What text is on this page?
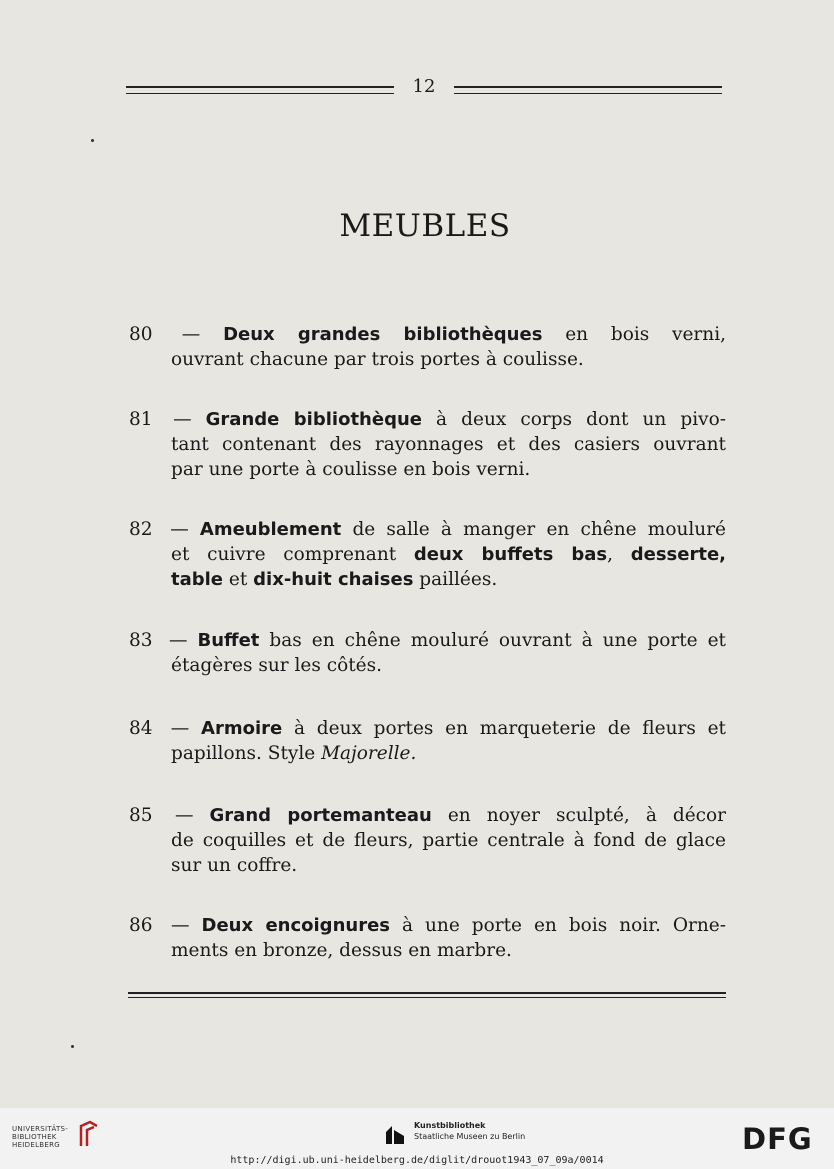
12
MEUBLES
80 — Deux grandes bibliothèques en bois verni,
ouvrant chacune par trois portes à coulisse.
81 — Grande bibliothèque à deux corps dont un pivo-
tant contenant des rayonnages et des casiers ouvrant
par une porte à coulisse en bois verni.
82 — Ameublement de salle à manger en chêne mouluré
et cuivre comprenant deux buffets bas, desserte,
table et dix-huit chaises paillées.
83 — Buffet bas en chêne mouluré ouvrant à une porte et
étagères sur les côtés.
84 — Armoire à deux portes en marqueterie de fleurs et
papillons. Style Majorelle.
85 — Grand portemanteau en noyer sculpté, à décor
de coquilles et de fleurs, partie centrale à fond de glace
sur un coffre.
86 — Deux encoignures à une porte en bois noir. Orne-
ments en bronze, dessus en marbre.
UNIVERSITÄTS-
BIBLIOTHEK
HEIDELBERG
Kunstbibliothek
Staatliche Museen zu Berlin	DFG
http://digi.ub.uni-heidelberg.de/diglit/drouot1943_07_09a/0014
